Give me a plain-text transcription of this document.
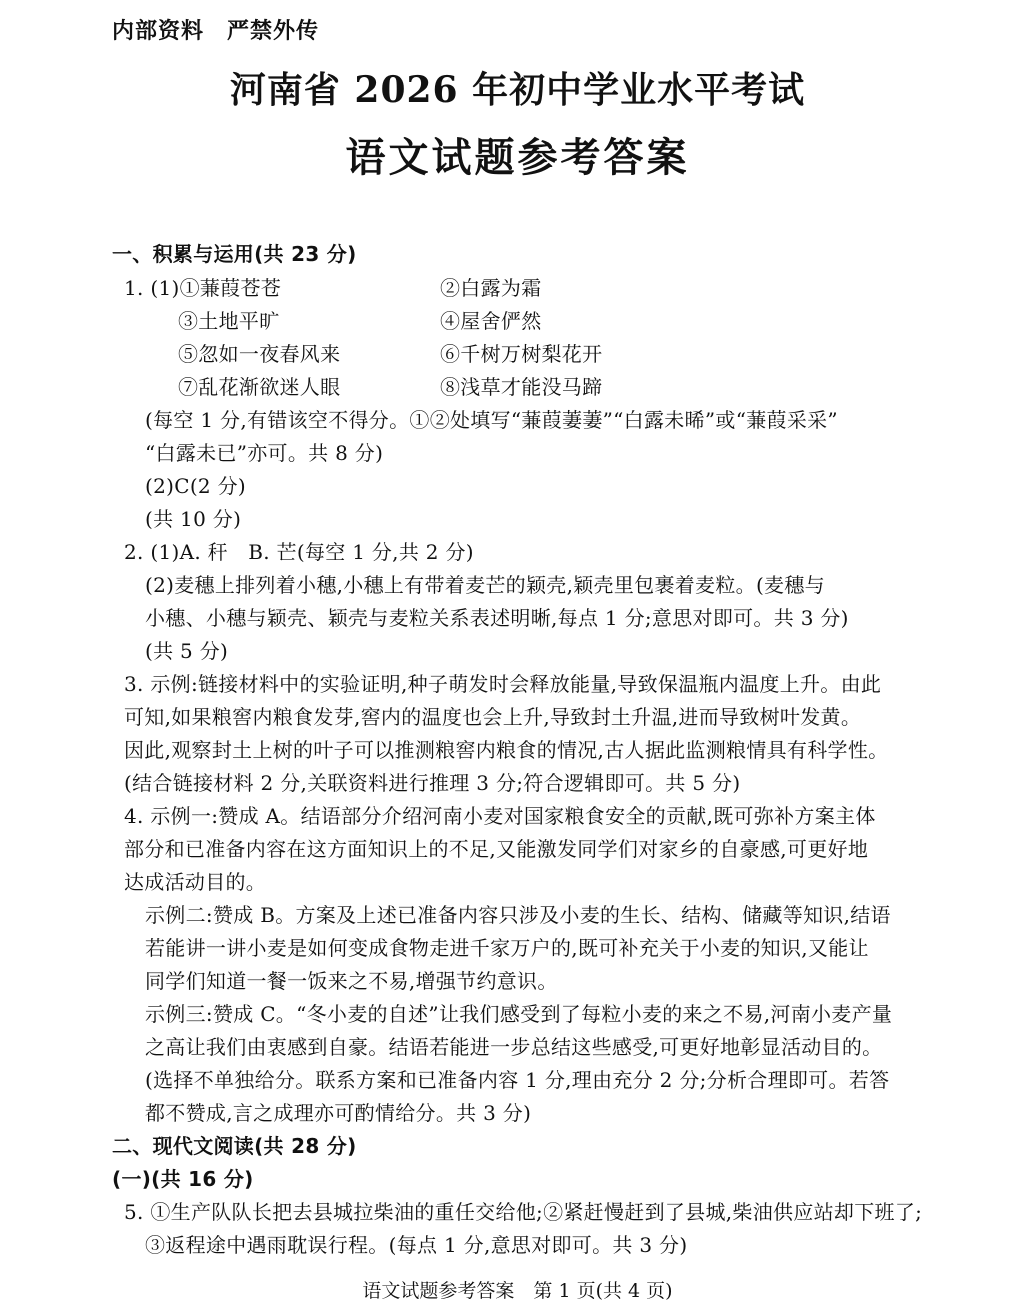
内部资料　严禁外传
河南省 2026 年初中学业水平考试
语文试题参考答案
一、积累与运用(共 23 分)
1. (1)①蒹葭苍苍	②白露为霜
③土地平旷	④屋舍俨然
⑤忽如一夜春风来	⑥千树万树梨花开
⑦乱花渐欲迷人眼	⑧浅草才能没马蹄
(每空 1 分,有错该空不得分。①②处填写“蒹葭萋萋”“白露未晞”或“蒹葭采采”
“白露未已”亦可。共 8 分)
(2)C(2 分)
(共 10 分)
2. (1)A. 秆　B. 芒(每空 1 分,共 2 分)
(2)麦穗上排列着小穗,小穗上有带着麦芒的颖壳,颖壳里包裹着麦粒。(麦穗与
小穗、小穗与颖壳、颖壳与麦粒关系表述明晰,每点 1 分;意思对即可。共 3 分)
(共 5 分)
3. 示例:链接材料中的实验证明,种子萌发时会释放能量,导致保温瓶内温度上升。由此
可知,如果粮窖内粮食发芽,窖内的温度也会上升,导致封土升温,进而导致树叶发黄。
因此,观察封土上树的叶子可以推测粮窖内粮食的情况,古人据此监测粮情具有科学性。
(结合链接材料 2 分,关联资料进行推理 3 分;符合逻辑即可。共 5 分)
4. 示例一:赞成 A。结语部分介绍河南小麦对国家粮食安全的贡献,既可弥补方案主体
部分和已准备内容在这方面知识上的不足,又能激发同学们对家乡的自豪感,可更好地
达成活动目的。
示例二:赞成 B。方案及上述已准备内容只涉及小麦的生长、结构、储藏等知识,结语
若能讲一讲小麦是如何变成食物走进千家万户的,既可补充关于小麦的知识,又能让
同学们知道一餐一饭来之不易,增强节约意识。
示例三:赞成 C。“冬小麦的自述”让我们感受到了每粒小麦的来之不易,河南小麦产量
之高让我们由衷感到自豪。结语若能进一步总结这些感受,可更好地彰显活动目的。
(选择不单独给分。联系方案和已准备内容 1 分,理由充分 2 分;分析合理即可。若答
都不赞成,言之成理亦可酌情给分。共 3 分)
二、现代文阅读(共 28 分)
(一)(共 16 分)
5. ①生产队队长把去县城拉柴油的重任交给他;②紧赶慢赶到了县城,柴油供应站却下班了;
③返程途中遇雨耽误行程。(每点 1 分,意思对即可。共 3 分)
语文试题参考答案　第 1 页(共 4 页)
